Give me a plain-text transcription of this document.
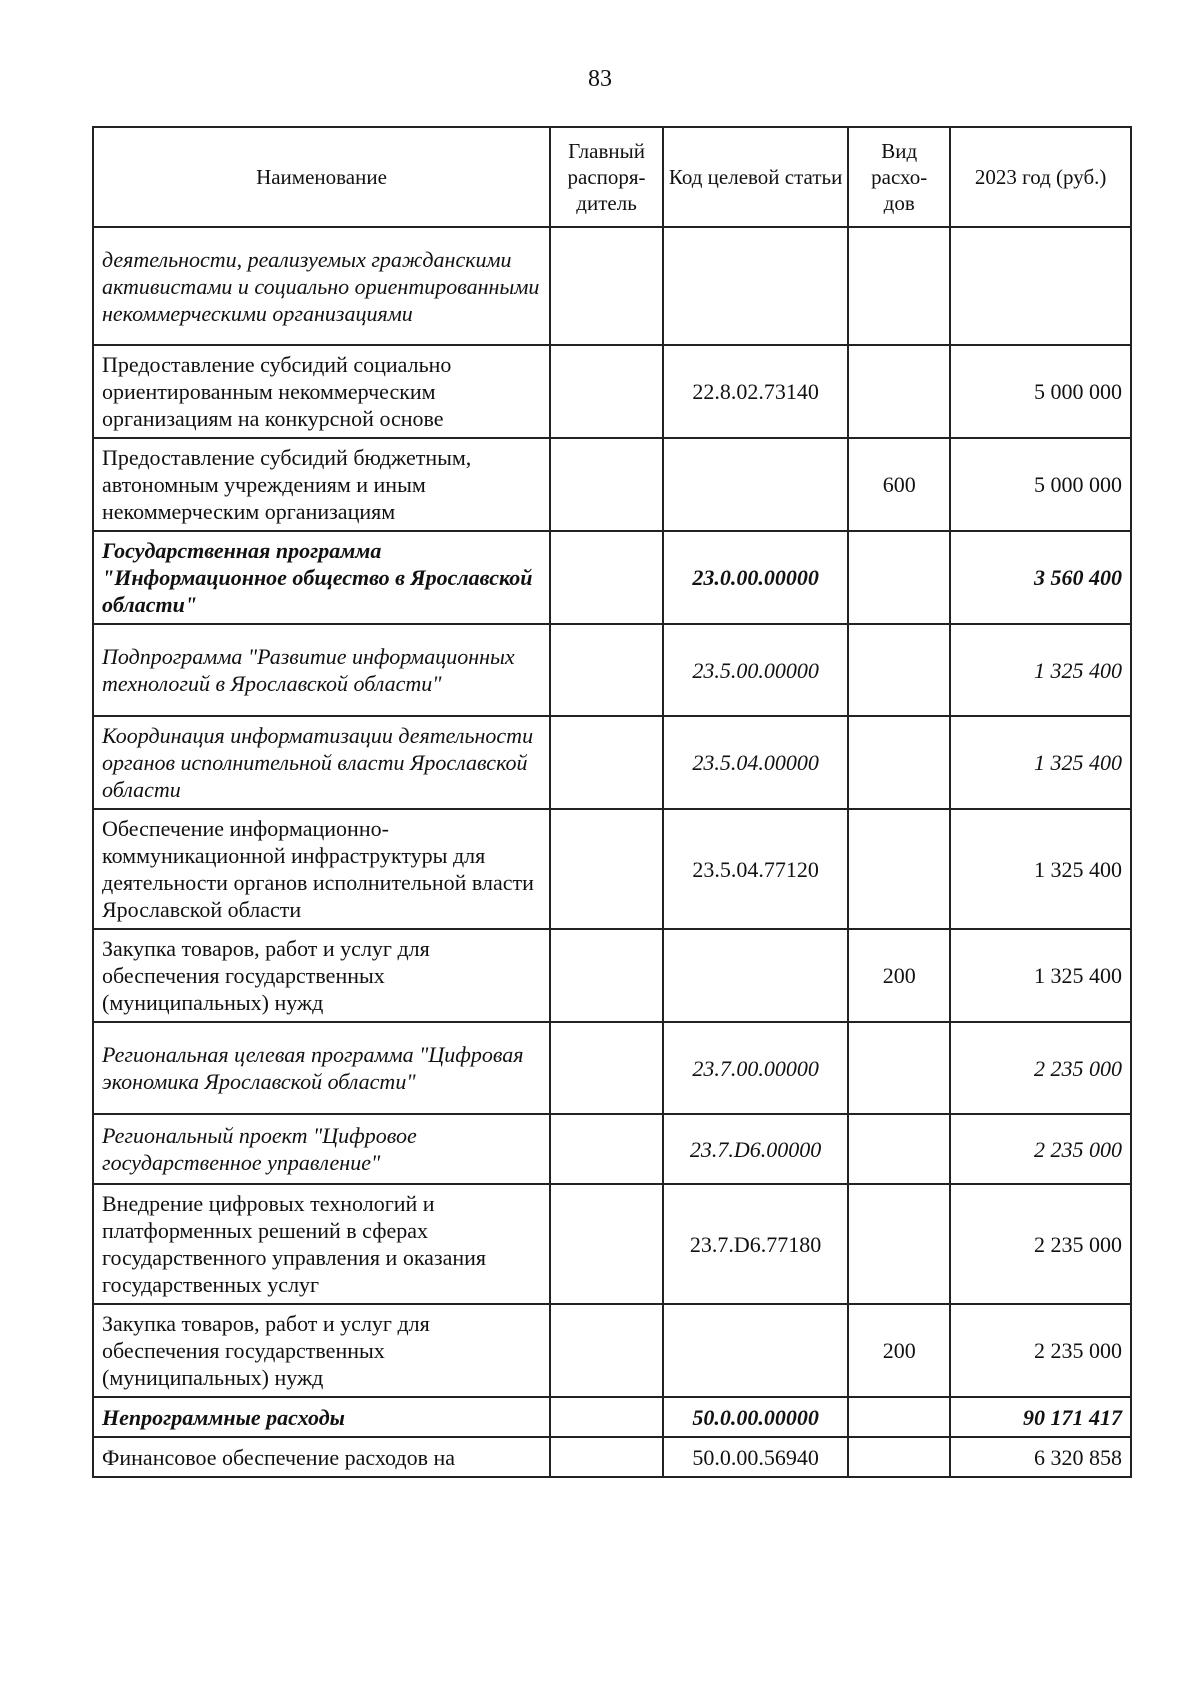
83
Наименование	Главный распоря- дитель	Код целевой статьи	Вид расхо- дов	2023 год (руб.)
деятельности, реализуемых гражданскими активистами и социально ориентированными некоммерческими организациями				
Предоставление субсидий социально ориентированным некоммерческим организациям на конкурсной основе		22.8.02.73140		5 000 000
Предоставление субсидий бюджетным, автономным учреждениям и иным некоммерческим организациям			600	5 000 000
Государственная программа "Информационное общество в Ярославской области"		23.0.00.00000		3 560 400
Подпрограмма "Развитие информационных технологий в Ярославской области"		23.5.00.00000		1 325 400
Координация информатизации деятельности органов исполнительной власти Ярославской области		23.5.04.00000		1 325 400
Обеспечение информационно-коммуникационной инфраструктуры для деятельности органов исполнительной власти Ярославской области		23.5.04.77120		1 325 400
Закупка товаров, работ и услуг для обеспечения государственных (муниципальных) нужд			200	1 325 400
Региональная целевая программа "Цифровая экономика Ярославской области"		23.7.00.00000		2 235 000
Региональный проект "Цифровое государственное управление"		23.7.D6.00000		2 235 000
Внедрение цифровых технологий и платформенных решений в сферах государственного управления и оказания государственных услуг		23.7.D6.77180		2 235 000
Закупка товаров, работ и услуг для обеспечения государственных (муниципальных) нужд			200	2 235 000
Непрограммные расходы		50.0.00.00000		90 171 417
Финансовое обеспечение расходов на		50.0.00.56940		6 320 858
